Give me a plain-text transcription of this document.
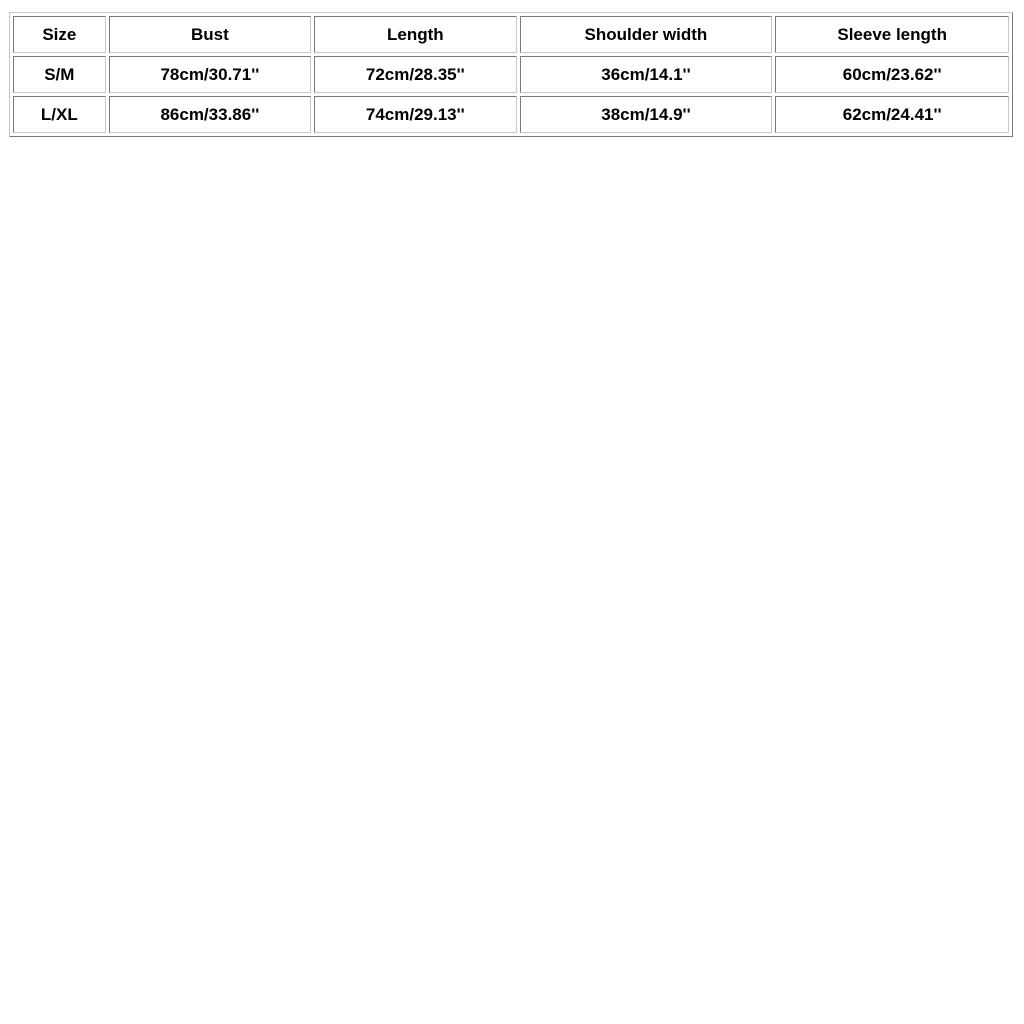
Size	Bust	Length	Shoulder width	Sleeve length
S/M	78cm/30.71''	72cm/28.35''	36cm/14.1''	60cm/23.62''
L/XL	86cm/33.86''	74cm/29.13''	38cm/14.9''	62cm/24.41''
